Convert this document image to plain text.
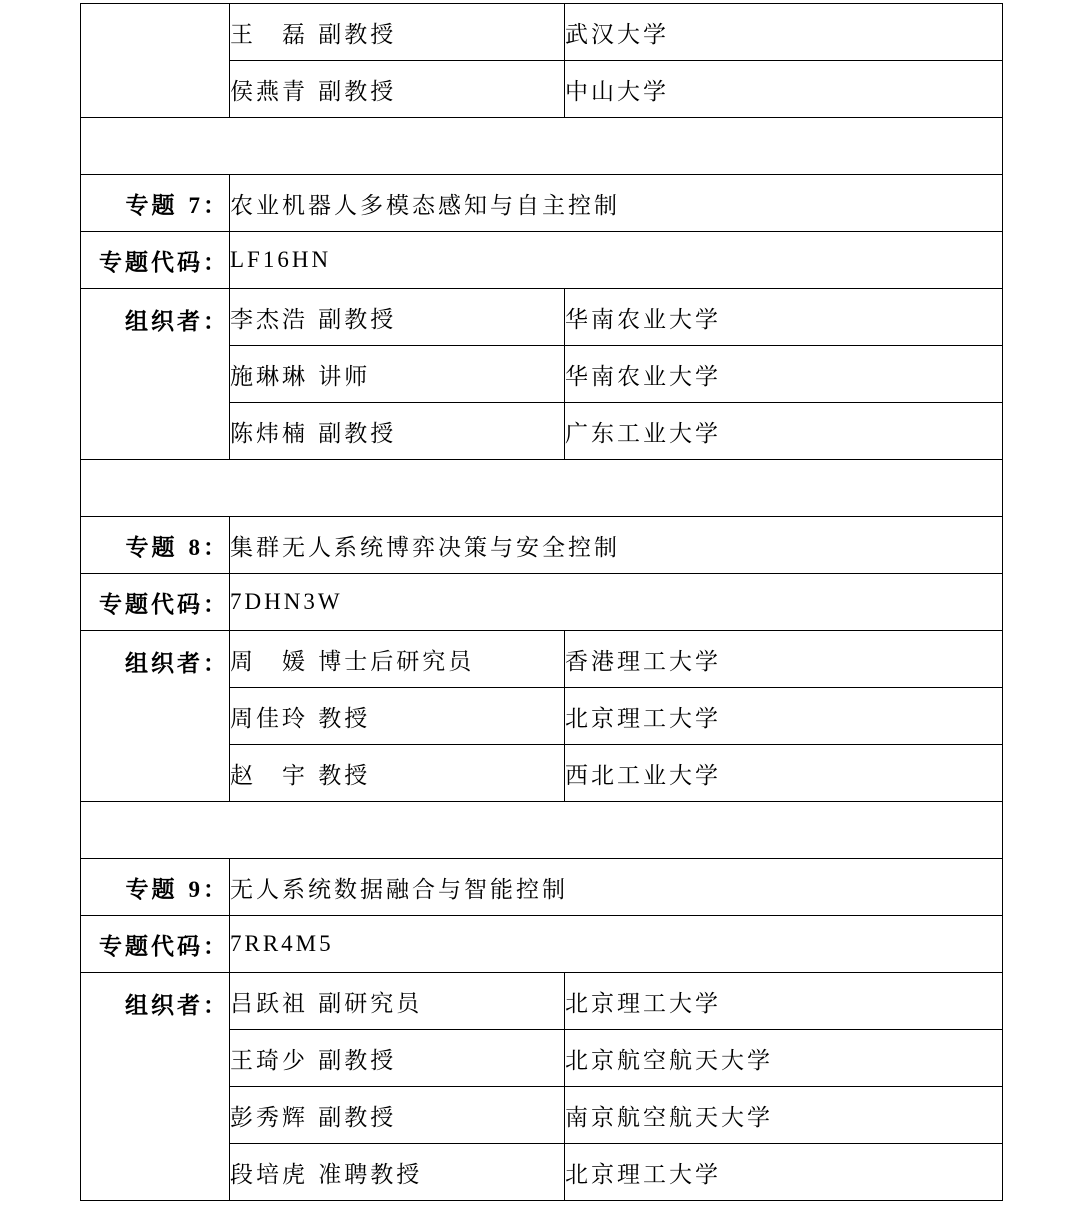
	王　磊 副教授	武汉大学
	侯燕青 副教授	中山大学

专题 7：	农业机器人多模态感知与自主控制	
专题代码：	LF16HN	
组织者：	李杰浩 副教授	华南农业大学
	施琳琳 讲师	华南农业大学
	陈炜楠 副教授	广东工业大学

专题 8：	集群无人系统博弈决策与安全控制	
专题代码：	7DHN3W	
组织者：	周　媛 博士后研究员	香港理工大学
	周佳玲 教授	北京理工大学
	赵　宇 教授	西北工业大学

专题 9：	无人系统数据融合与智能控制	
专题代码：	7RR4M5	
组织者：	吕跃祖 副研究员	北京理工大学
	王琦少 副教授	北京航空航天大学
	彭秀辉 副教授	南京航空航天大学
	段培虎 准聘教授	北京理工大学
